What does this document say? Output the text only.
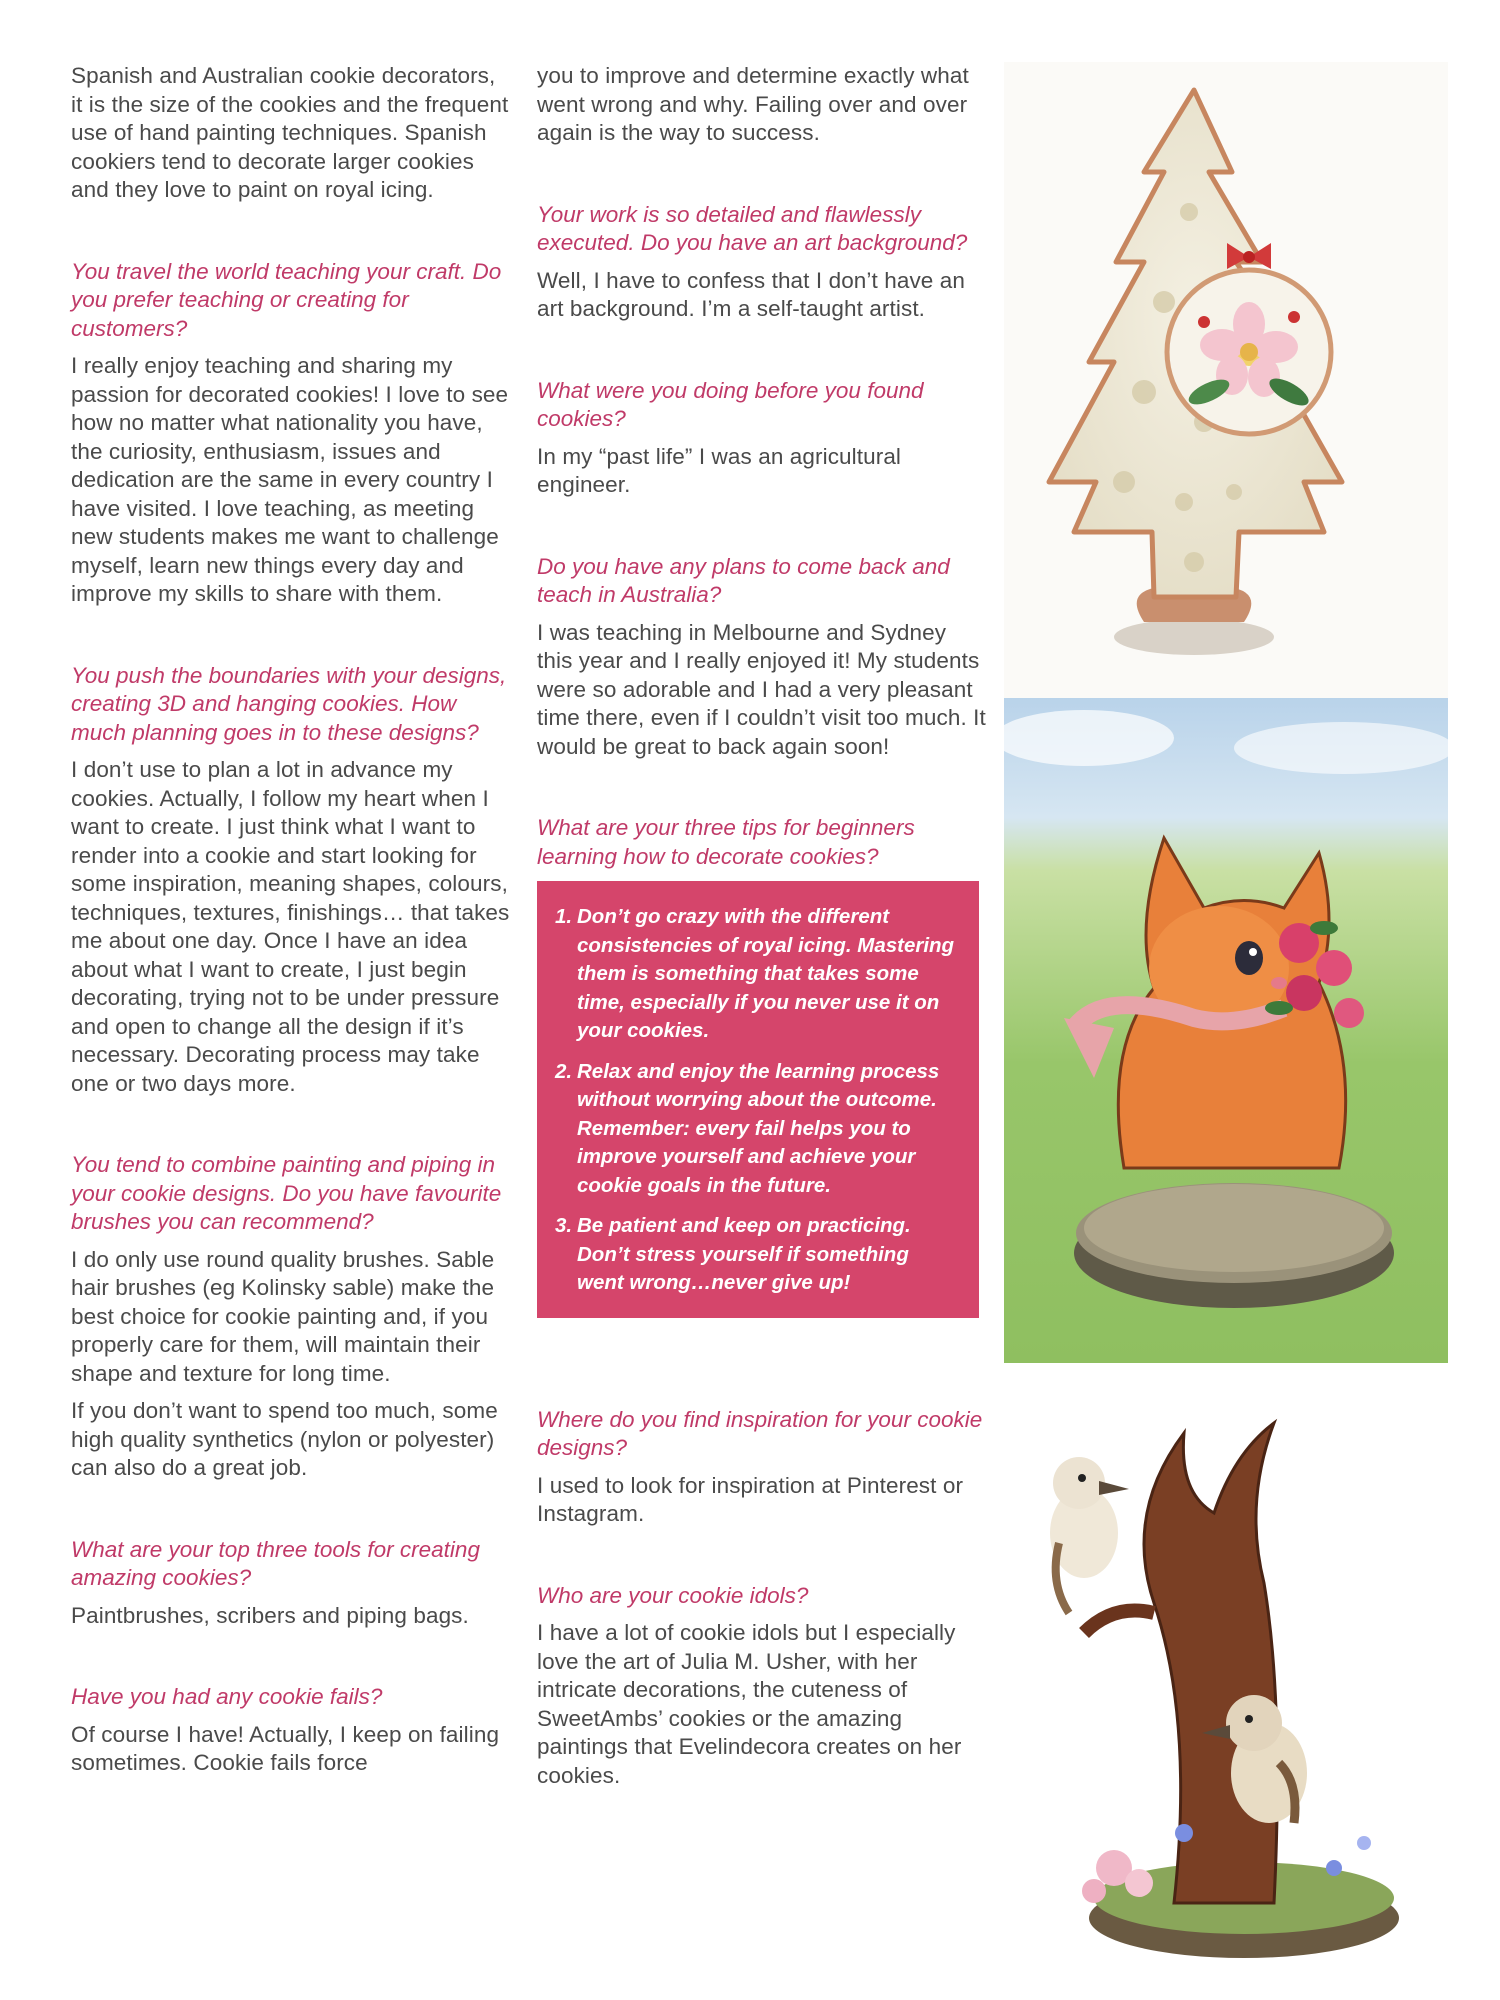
Spanish and Australian cookie decorators, it is the size of the cookies and the frequent use of hand painting techniques. Spanish cookiers tend to decorate larger cookies and they love to paint on royal icing.
You travel the world teaching your craft. Do you prefer teaching or creating for customers?
I really enjoy teaching and sharing my passion for decorated cookies! I love to see how no matter what nationality you have, the curiosity, enthusiasm, issues and dedication are the same in every country I have visited. I love teaching, as meeting new students makes me want to challenge myself, learn new things every day and improve my skills to share with them.
You push the boundaries with your designs, creating 3D and hanging cookies. How much planning goes in to these designs?
I don’t use to plan a lot in advance my cookies. Actually, I follow my heart when I want to create. I just think what I want to render into a cookie and start looking for some inspiration, meaning shapes, colours, techniques, textures, finishings… that takes me about one day. Once I have an idea about what I want to create, I just begin decorating, trying not to be under pressure and open to change all the design if it’s necessary. Decorating process may take one or two days more.
You tend to combine painting and piping in your cookie designs. Do you have favourite brushes you can recommend?
I do only use round quality brushes. Sable hair brushes (eg Kolinsky sable) make the best choice for cookie painting and, if you properly care for them, will maintain their shape and texture for long time.
If you don’t want to spend too much, some high quality synthetics (nylon or polyester) can also do a great job.
What are your top three tools for creating amazing cookies?
Paintbrushes, scribers and piping bags.
Have you had any cookie fails?
Of course I have! Actually, I keep on failing sometimes. Cookie fails force
you to improve and determine exactly what went wrong and why. Failing over and over again is the way to success.
Your work is so detailed and flawlessly executed. Do you have an art background?
Well, I have to confess that I don’t have an art background. I’m a self-taught artist.
What were you doing before you found cookies?
In my “past life” I was an agricultural engineer.
Do you have any plans to come back and teach in Australia?
I was teaching in Melbourne and Sydney this year and I really enjoyed it! My students were so adorable and I had a very pleasant time there, even if I couldn’t visit too much. It would be great to back again soon!
What are your three tips for beginners learning how to decorate cookies?
1. Don’t go crazy with the different consistencies of royal icing. Mastering them is something that takes some time, especially if you never use it on your cookies.
2. Relax and enjoy the learning process without worrying about the outcome. Remember: every fail helps you to improve yourself and achieve your cookie goals in the future.
3. Be patient and keep on practicing. Don’t stress yourself if something went wrong…never give up!
Where do you find inspiration for your cookie designs?
I used to look for inspiration at Pinterest or Instagram.
Who are your cookie idols?
I have a lot of cookie idols but I especially love the art of Julia M. Usher, with her intricate decorations, the cuteness of SweetAmbs’ cookies or the amazing paintings that Evelindecora creates on her cookies.
